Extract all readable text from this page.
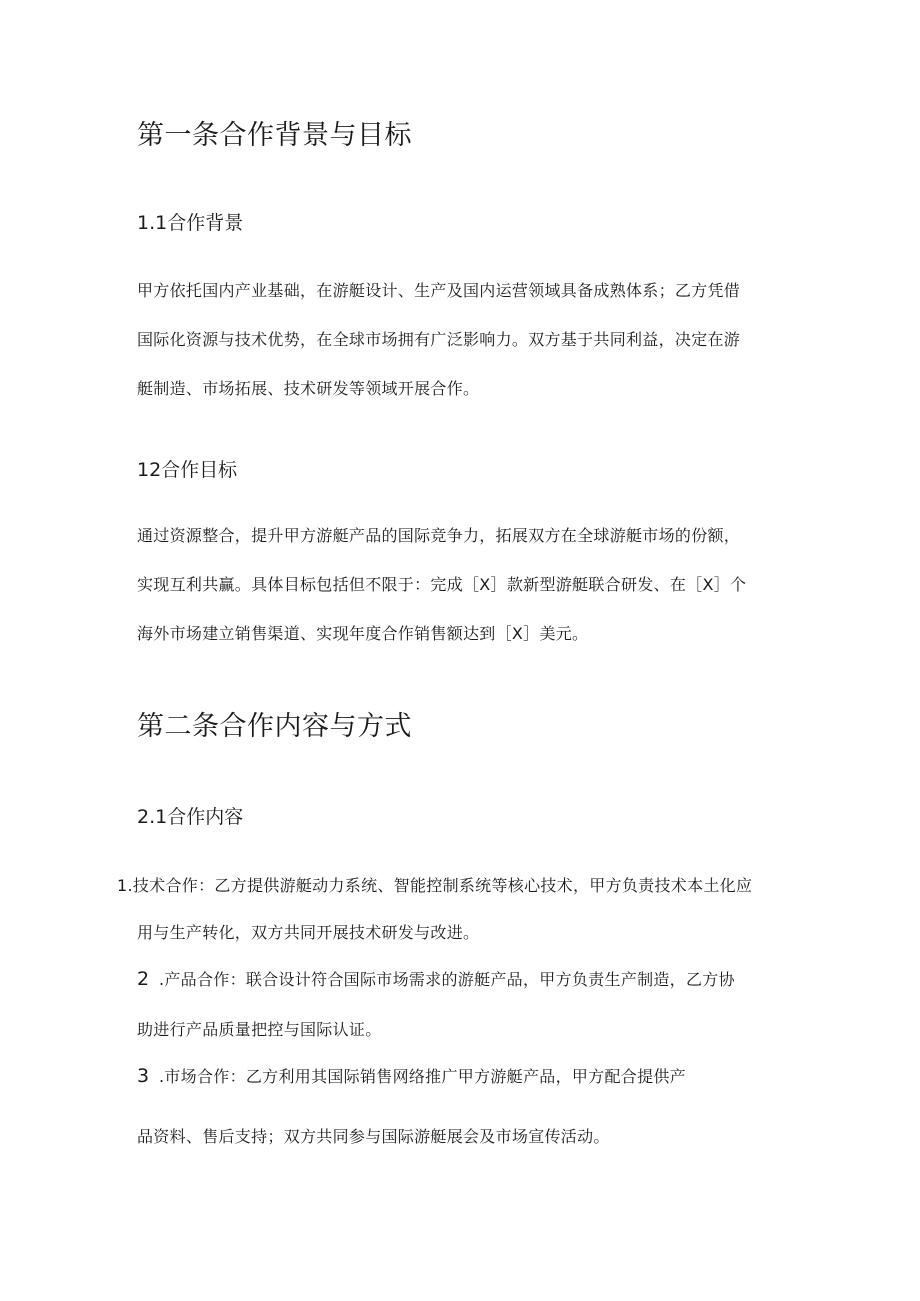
第一条合作背景与目标
1.1合作背景
甲方依托国内产业基础，在游艇设计、生产及国内运营领域具备成熟体系；乙方凭借
国际化资源与技术优势，在全球市场拥有广泛影响力。双方基于共同利益，决定在游
艇制造、市场拓展、技术研发等领域开展合作。
12合作目标
通过资源整合，提升甲方游艇产品的国际竞争力，拓展双方在全球游艇市场的份额，
实现互利共赢。具体目标包括但不限于：完成［X］款新型游艇联合研发、在［X］个
海外市场建立销售渠道、实现年度合作销售额达到［X］美元。
第二条合作内容与方式
2.1合作内容
1.技术合作：乙方提供游艇动力系统、智能控制系统等核心技术，甲方负责技术本土化应
用与生产转化，双方共同开展技术研发与改进。
2 .产品合作：联合设计符合国际市场需求的游艇产品，甲方负责生产制造，乙方协
助进行产品质量把控与国际认证。
3 .市场合作：乙方利用其国际销售网络推广甲方游艇产品，甲方配合提供产
品资料、售后支持；双方共同参与国际游艇展会及市场宣传活动。
